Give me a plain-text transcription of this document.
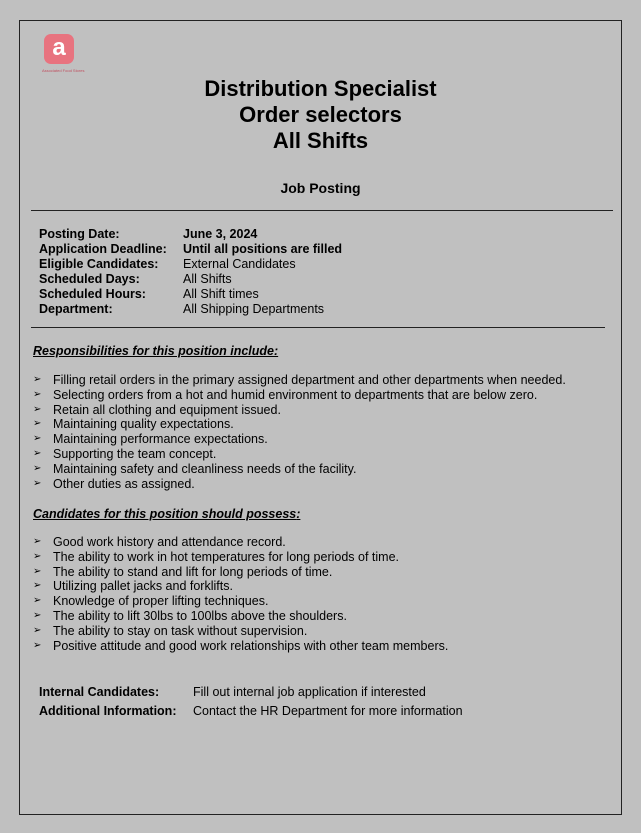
a
Associated Food Stores
Distribution Specialist
Order selectors
All Shifts
Job Posting
Posting Date:	June 3, 2024
Application Deadline:	Until all positions are filled
Eligible Candidates:	External Candidates
Scheduled Days:	All Shifts
Scheduled Hours:	All Shift times
Department:	All Shipping Departments
Responsibilities for this position include:
➢ Filling retail orders in the primary assigned department and other departments when needed.
➢ Selecting orders from a hot and humid environment to departments that are below zero.
➢ Retain all clothing and equipment issued.
➢ Maintaining quality expectations.
➢ Maintaining performance expectations.
➢ Supporting the team concept.
➢ Maintaining safety and cleanliness needs of the facility.
➢ Other duties as assigned.
Candidates for this position should possess:
➢ Good work history and attendance record.
➢ The ability to work in hot temperatures for long periods of time.
➢ The ability to stand and lift for long periods of time.
➢ Utilizing pallet jacks and forklifts.
➢ Knowledge of proper lifting techniques.
➢ The ability to lift 30lbs to 100lbs above the shoulders.
➢ The ability to stay on task without supervision.
➢ Positive attitude and good work relationships with other team members.
Internal Candidates:	Fill out internal job application if interested
Additional Information:	Contact the HR Department for more information
